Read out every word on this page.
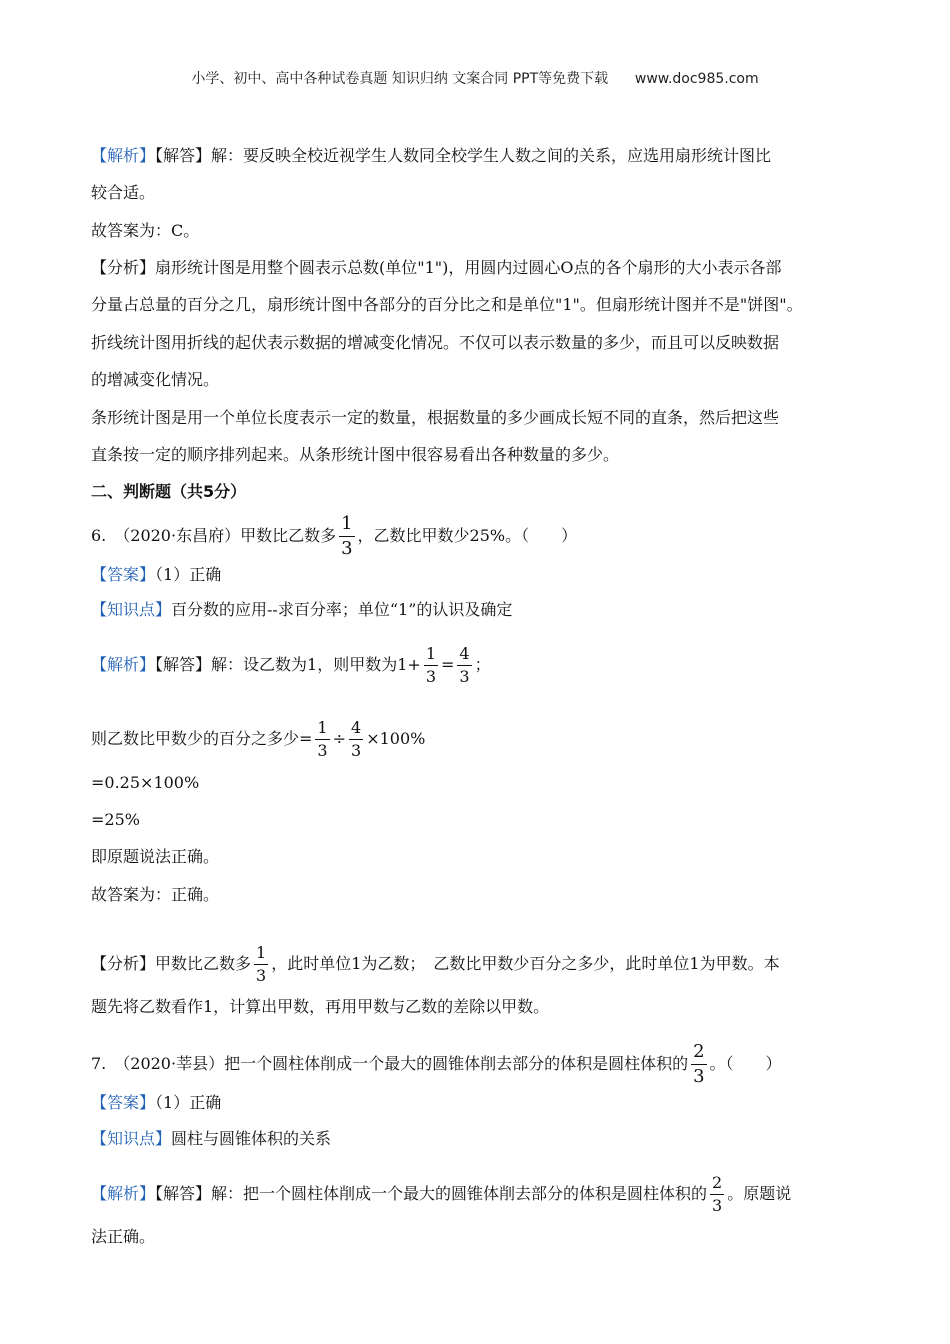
小学、初中、高中各种试卷真题 知识归纳 文案合同 PPT等免费下载 www.doc985.com
【解析】【解答】解：要反映全校近视学生人数同全校学生人数之间的关系，应选用扇形统计图比
较合适。
故答案为：C。
【分析】扇形统计图是用整个圆表示总数(单位"1")，用圆内过圆心O点的各个扇形的大小表示各部
分量占总量的百分之几，扇形统计图中各部分的百分比之和是单位"1"。但扇形统计图并不是"饼图"。
折线统计图用折线的起伏表示数据的增减变化情况。不仅可以表示数量的多少，而且可以反映数据
的增减变化情况。
条形统计图是用一个单位长度表示一定的数量，根据数量的多少画成长短不同的直条，然后把这些
直条按一定的顺序排列起来。从条形统计图中很容易看出各种数量的多少。
二、判断题（共5分）
6.　（2020·东昌府）甲数比乙数多 $\frac{1}{3}$ ，乙数比甲数少25%。（　　）
【答案】（1）正确
【知识点】百分数的应用--求百分率；单位“1”的认识及确定
【解析】【解答】解：设乙数为1，则甲数为$1+ \frac{1}{3} = \frac{4}{3}$ ；
则乙数比甲数少的百分之多少= $\frac{1}{3} \div \frac{4}{3} \times 100\%$
=0.25×100%
=25%
即原题说法正确。
故答案为：正确。
【分析】甲数比乙数多 $\frac{1}{3}$ ，此时单位1为乙数；　乙数比甲数少百分之多少，此时单位1为甲数。本
题先将乙数看作1，计算出甲数，再用甲数与乙数的差除以甲数。
7.　（2020·莘县）把一个圆柱体削成一个最大的圆锥体削去部分的体积是圆柱体积的 $\frac{2}{3}$ 。（　　）
【答案】（1）正确
【知识点】圆柱与圆锥体积的关系
【解析】【解答】解：把一个圆柱体削成一个最大的圆锥体削去部分的体积是圆柱体积的 $\frac{2}{3}$ 。原题说
法正确。
